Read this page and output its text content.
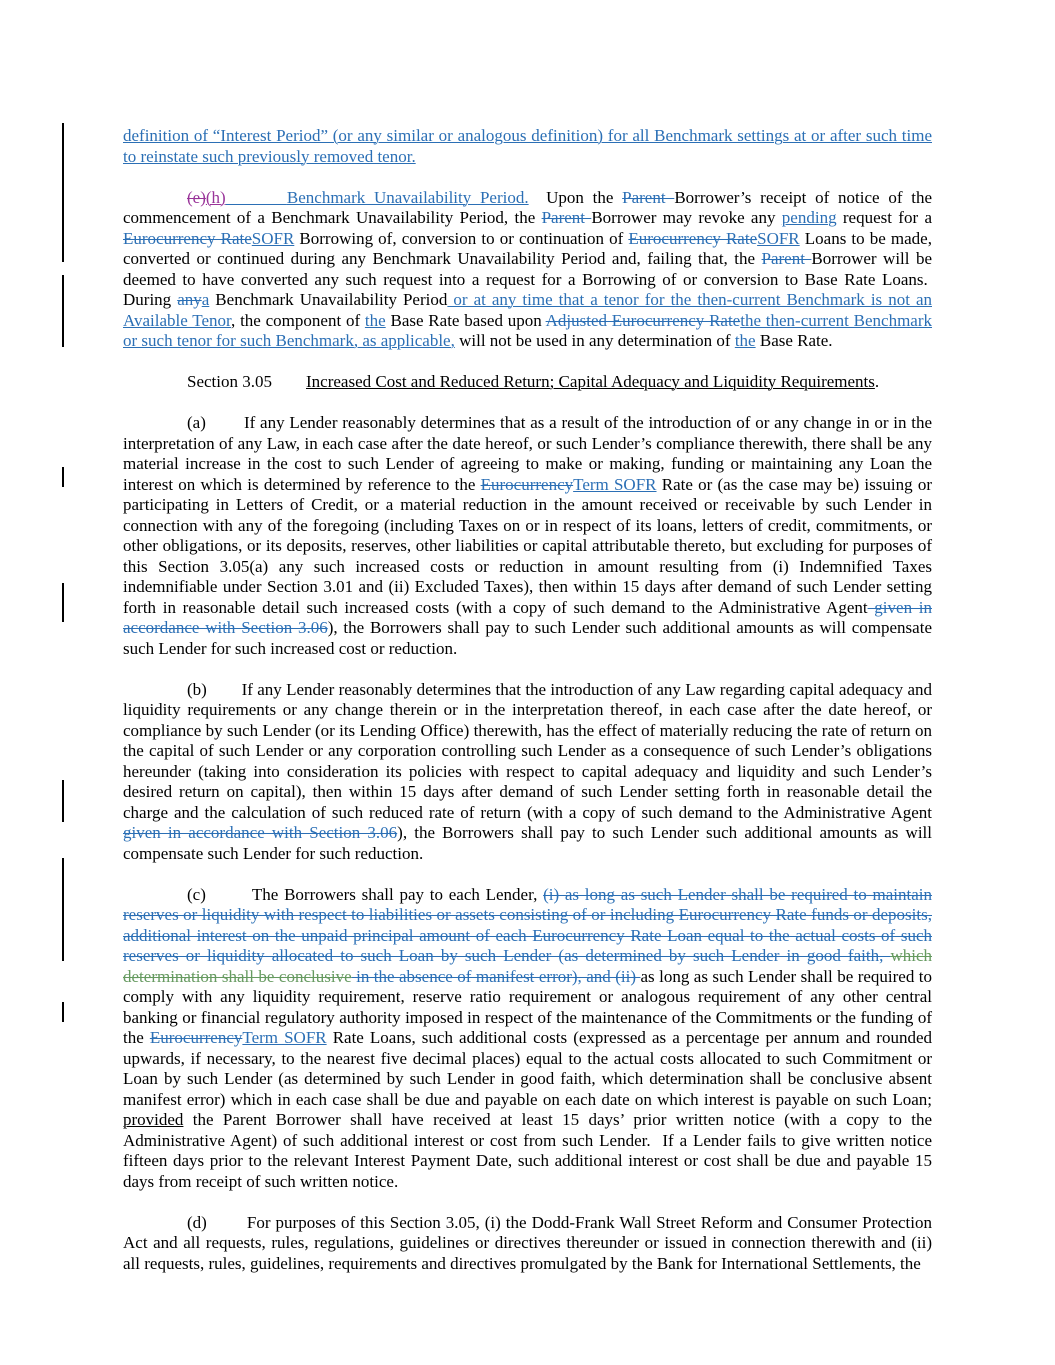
definition of “Interest Period” (or any similar or analogous definition) for all Benchmark settings at or after such time to reinstate such previously removed tenor.

(e)(h)	Benchmark Unavailability Period.  Upon the Parent Borrower’s receipt of notice of the commencement of a Benchmark Unavailability Period, the Parent Borrower may revoke any pending request for a Eurocurrency RateSOFR Borrowing of, conversion to or continuation of Eurocurrency RateSOFR Loans to be made, converted or continued during any Benchmark Unavailability Period and, failing that, the Parent Borrower will be deemed to have converted any such request into a request for a Borrowing of or conversion to Base Rate Loans.  During anya Benchmark Unavailability Period or at any time that a tenor for the then-current Benchmark is not an Available Tenor, the component of the Base Rate based upon Adjusted Eurocurrency Ratethe then-current Benchmark or such tenor for such Benchmark, as applicable, will not be used in any determination of the Base Rate.

Section 3.05 Increased Cost and Reduced Return; Capital Adequacy and Liquidity Requirements.

(a) If any Lender reasonably determines that as a result of the introduction of or any change in or in the interpretation of any Law, in each case after the date hereof, or such Lender’s compliance therewith, there shall be any material increase in the cost to such Lender of agreeing to make or making, funding or maintaining any Loan the interest on which is determined by reference to the EurocurrencyTerm SOFR Rate or (as the case may be) issuing or participating in Letters of Credit, or a material reduction in the amount received or receivable by such Lender in connection with any of the foregoing (including Taxes on or in respect of its loans, letters of credit, commitments, or other obligations, or its deposits, reserves, other liabilities or capital attributable thereto, but excluding for purposes of this Section 3.05(a) any such increased costs or reduction in amount resulting from (i) Indemnified Taxes indemnifiable under Section 3.01 and (ii) Excluded Taxes), then within 15 days after demand of such Lender setting forth in reasonable detail such increased costs (with a copy of such demand to the Administrative Agent given in accordance with Section 3.06), the Borrowers shall pay to such Lender such additional amounts as will compensate such Lender for such increased cost or reduction.

(b) If any Lender reasonably determines that the introduction of any Law regarding capital adequacy and liquidity requirements or any change therein or in the interpretation thereof, in each case after the date hereof, or compliance by such Lender (or its Lending Office) therewith, has the effect of materially reducing the rate of return on the capital of such Lender or any corporation controlling such Lender as a consequence of such Lender’s obligations hereunder (taking into consideration its policies with respect to capital adequacy and liquidity and such Lender’s desired return on capital), then within 15 days after demand of such Lender setting forth in reasonable detail the charge and the calculation of such reduced rate of return (with a copy of such demand to the Administrative Agent given in accordance with Section 3.06), the Borrowers shall pay to such Lender such additional amounts as will compensate such Lender for such reduction.

(c)	The Borrowers shall pay to each Lender, (i) as long as such Lender shall be required to maintain reserves or liquidity with respect to liabilities or assets consisting of or including Eurocurrency Rate funds or deposits, additional interest on the unpaid principal amount of each Eurocurrency Rate Loan equal to the actual costs of such reserves or liquidity allocated to such Loan by such Lender (as determined by such Lender in good faith, which determination shall be conclusive in the absence of manifest error), and (ii) as long as such Lender shall be required to comply with any liquidity requirement, reserve ratio requirement or analogous requirement of any other central banking or financial regulatory authority imposed in respect of the maintenance of the Commitments or the funding of the EurocurrencyTerm SOFR Rate Loans, such additional costs (expressed as a percentage per annum and rounded upwards, if necessary, to the nearest five decimal places) equal to the actual costs allocated to such Commitment or Loan by such Lender (as determined by such Lender in good faith, which determination shall be conclusive absent manifest error) which in each case shall be due and payable on each date on which interest is payable on such Loan; provided the Parent Borrower shall have received at least 15 days’ prior written notice (with a copy to the Administrative Agent) of such additional interest or cost from such Lender.  If a Lender fails to give written notice fifteen days prior to the relevant Interest Payment Date, such additional interest or cost shall be due and payable 15 days from receipt of such written notice.

(d) For purposes of this Section 3.05, (i) the Dodd-Frank Wall Street Reform and Consumer Protection Act and all requests, rules, regulations, guidelines or directives thereunder or issued in connection therewith and (ii) all requests, rules, guidelines, requirements and directives promulgated by the Bank for International Settlements, the
